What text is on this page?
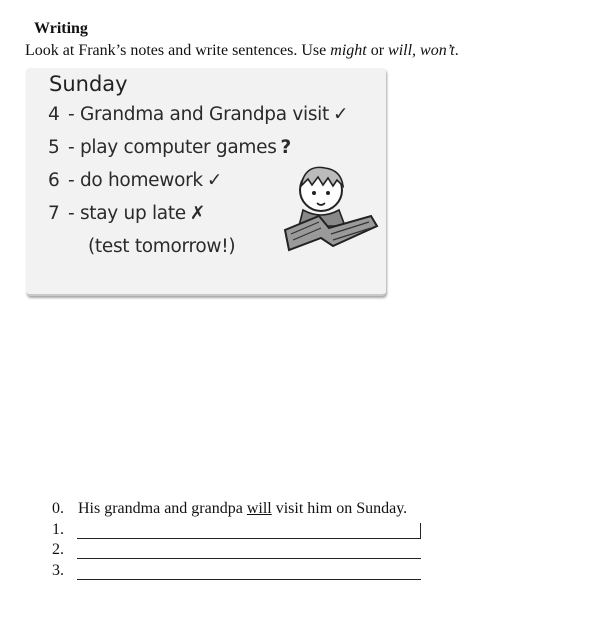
Writing
Look at Frank’s notes and write sentences. Use might or will, won’t.
Sunday
4 - Grandma and Grandpa visit ✓
5 - play computer games ?
6 - do homework ✓
7 - stay up late ✗
(test tomorrow!)
0. His grandma and grandpa will visit him on Sunday.
1.
2.
3.
